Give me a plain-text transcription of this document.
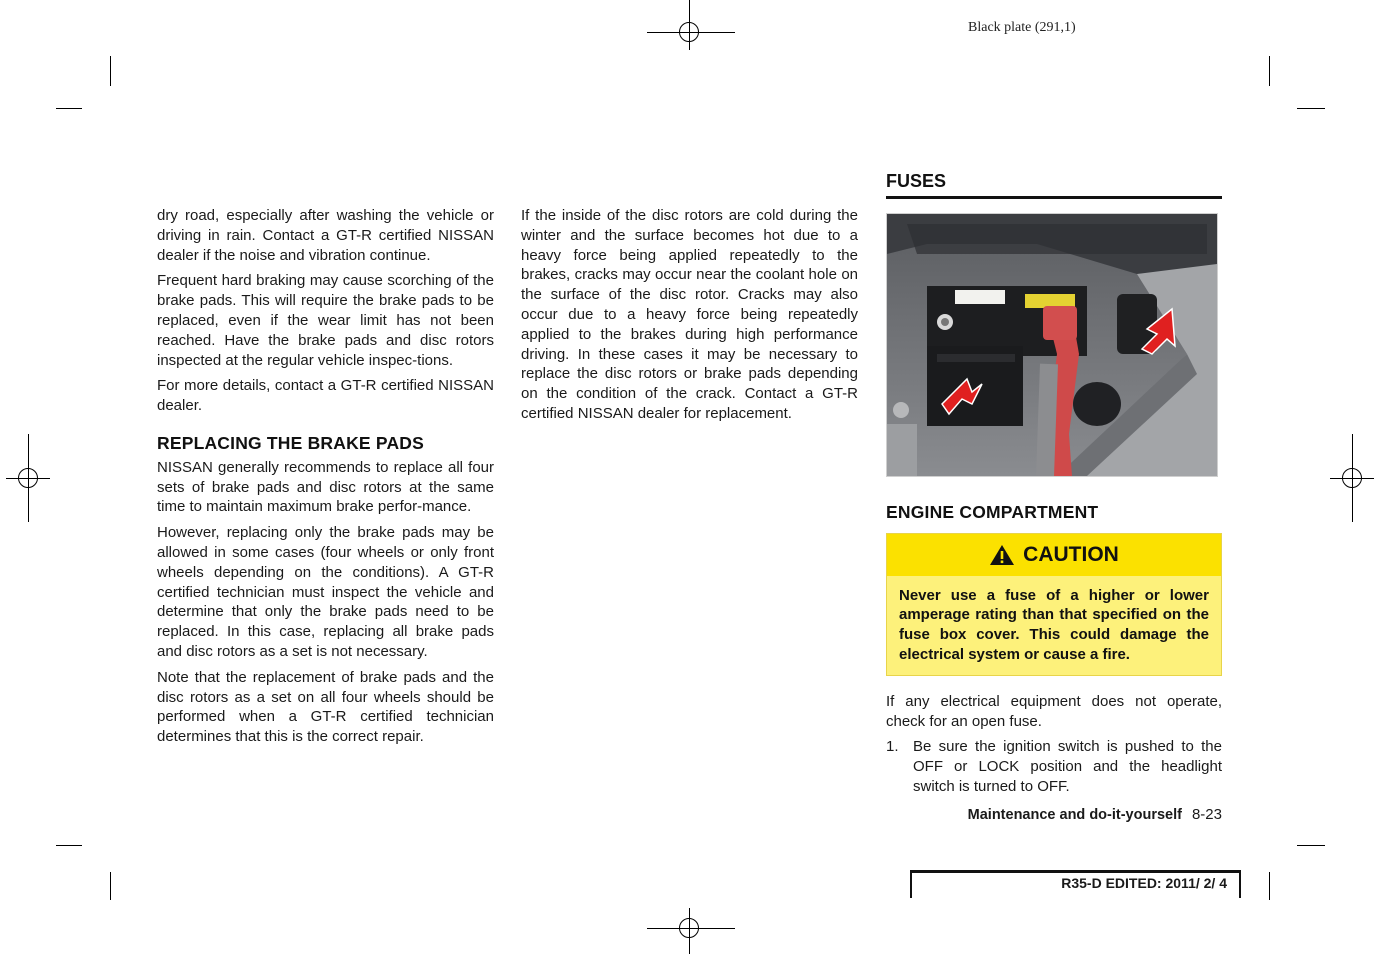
Black plate (291,1)

dry road, especially after washing the vehicle or driving in rain. Contact a GT-R certified NISSAN dealer if the noise and vibration continue.

Frequent hard braking may cause scorching of the brake pads. This will require the brake pads to be replaced, even if the wear limit has not been reached. Have the brake pads and disc rotors inspected at the regular vehicle inspec-tions.

For more details, contact a GT-R certified NISSAN dealer.

REPLACING THE BRAKE PADS

NISSAN generally recommends to replace all four sets of brake pads and disc rotors at the same time to maintain maximum brake perfor-mance.

However, replacing only the brake pads may be allowed in some cases (four wheels or only front wheels depending on the conditions). A GT-R certified technician must inspect the vehicle and determine that only the brake pads need to be replaced. In this case, replacing all brake pads and disc rotors as a set is not necessary.

Note that the replacement of brake pads and the disc rotors as a set on all four wheels should be performed when a GT-R certified technician determines that this is the correct repair.

If the inside of the disc rotors are cold during the winter and the surface becomes hot due to a heavy force being applied repeatedly to the brakes, cracks may occur near the coolant hole on the surface of the disc rotor. Cracks may also occur due to a heavy force being repeatedly applied to the brakes during high performance driving. In these cases it may be necessary to replace the disc rotors or brake pads depending on the condition of the crack. Contact a GT-R certified NISSAN dealer for replacement.

FUSES
ENGINE COMPARTMENT
CAUTION
Never use a fuse of a higher or lower amperage rating than that specified on the fuse box cover. This could damage the electrical system or cause a fire.

If any electrical equipment does not operate, check for an open fuse.

1. Be sure the ignition switch is pushed to the OFF or LOCK position and the headlight switch is turned to OFF.
Maintenance and do-it-yourself 8-23
R35-D EDITED: 2011/ 2/ 4
